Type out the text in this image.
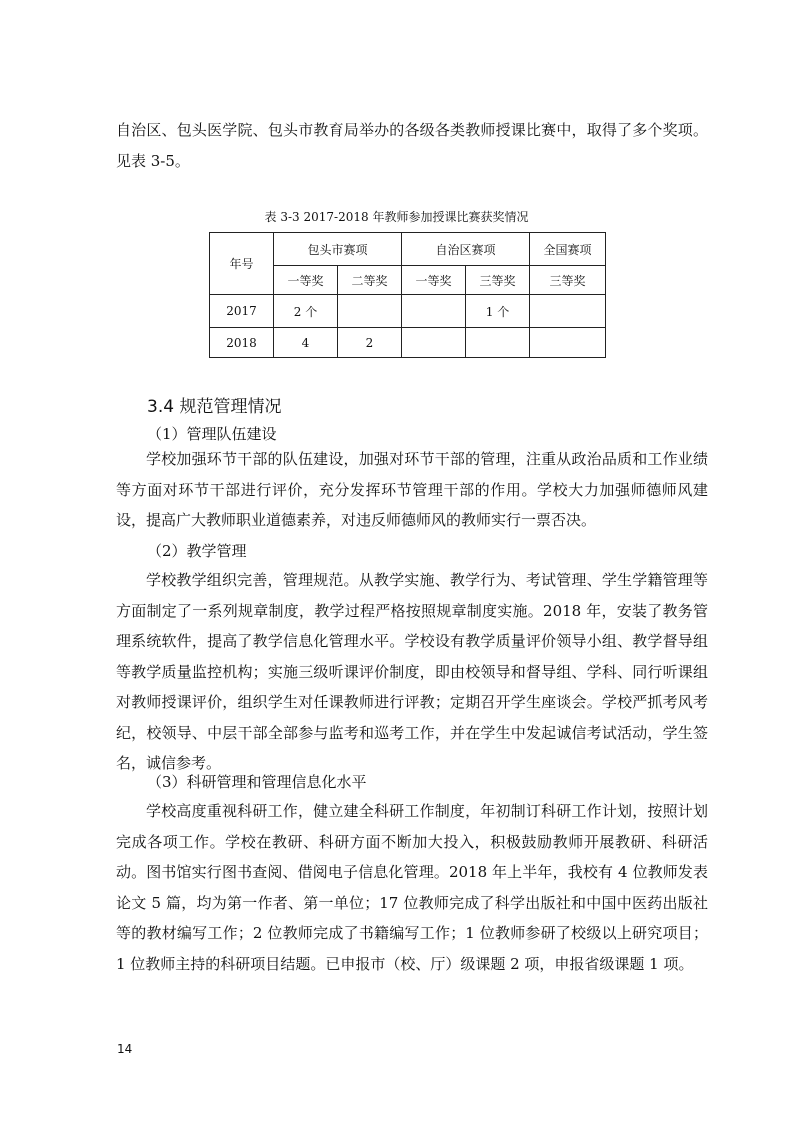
自治区、包头医学院、包头市教育局举办的各级各类教师授课比赛中，取得了多个奖项。见表 3-5。

表 3-3 2017-2018 年教师参加授课比赛获奖情况

年号	包头市赛项		自治区赛项		全国赛项
	一等奖	二等奖	一等奖	三等奖	三等奖
2017	2 个			1 个	
2018	4	2			
3.4 规范管理情况

（1）管理队伍建设

学校加强环节干部的队伍建设，加强对环节干部的管理，注重从政治品质和工作业绩等方面对环节干部进行评价，充分发挥环节管理干部的作用。学校大力加强师德师风建设，提高广大教师职业道德素养，对违反师德师风的教师实行一票否决。

（2）教学管理

学校教学组织完善，管理规范。从教学实施、教学行为、考试管理、学生学籍管理等方面制定了一系列规章制度，教学过程严格按照规章制度实施。2018 年，安装了教务管理系统软件，提高了教学信息化管理水平。学校设有教学质量评价领导小组、教学督导组等教学质量监控机构；实施三级听课评价制度，即由校领导和督导组、学科、同行听课组对教师授课评价，组织学生对任课教师进行评教；定期召开学生座谈会。学校严抓考风考纪，校领导、中层干部全部参与监考和巡考工作，并在学生中发起诚信考试活动，学生签名，诚信参考。

（3）科研管理和管理信息化水平

学校高度重视科研工作，健立建全科研工作制度，年初制订科研工作计划，按照计划完成各项工作。学校在教研、科研方面不断加大投入，积极鼓励教师开展教研、科研活动。图书馆实行图书查阅、借阅电子信息化管理。2018 年上半年，我校有 4 位教师发表论文 5 篇，均为第一作者、第一单位；17 位教师完成了科学出版社和中国中医药出版社等的教材编写工作；2 位教师完成了书籍编写工作；1 位教师参研了校级以上研究项目；1 位教师主持的科研项目结题。已申报市（校、厅）级课题 2 项，申报省级课题 1 项。

14
